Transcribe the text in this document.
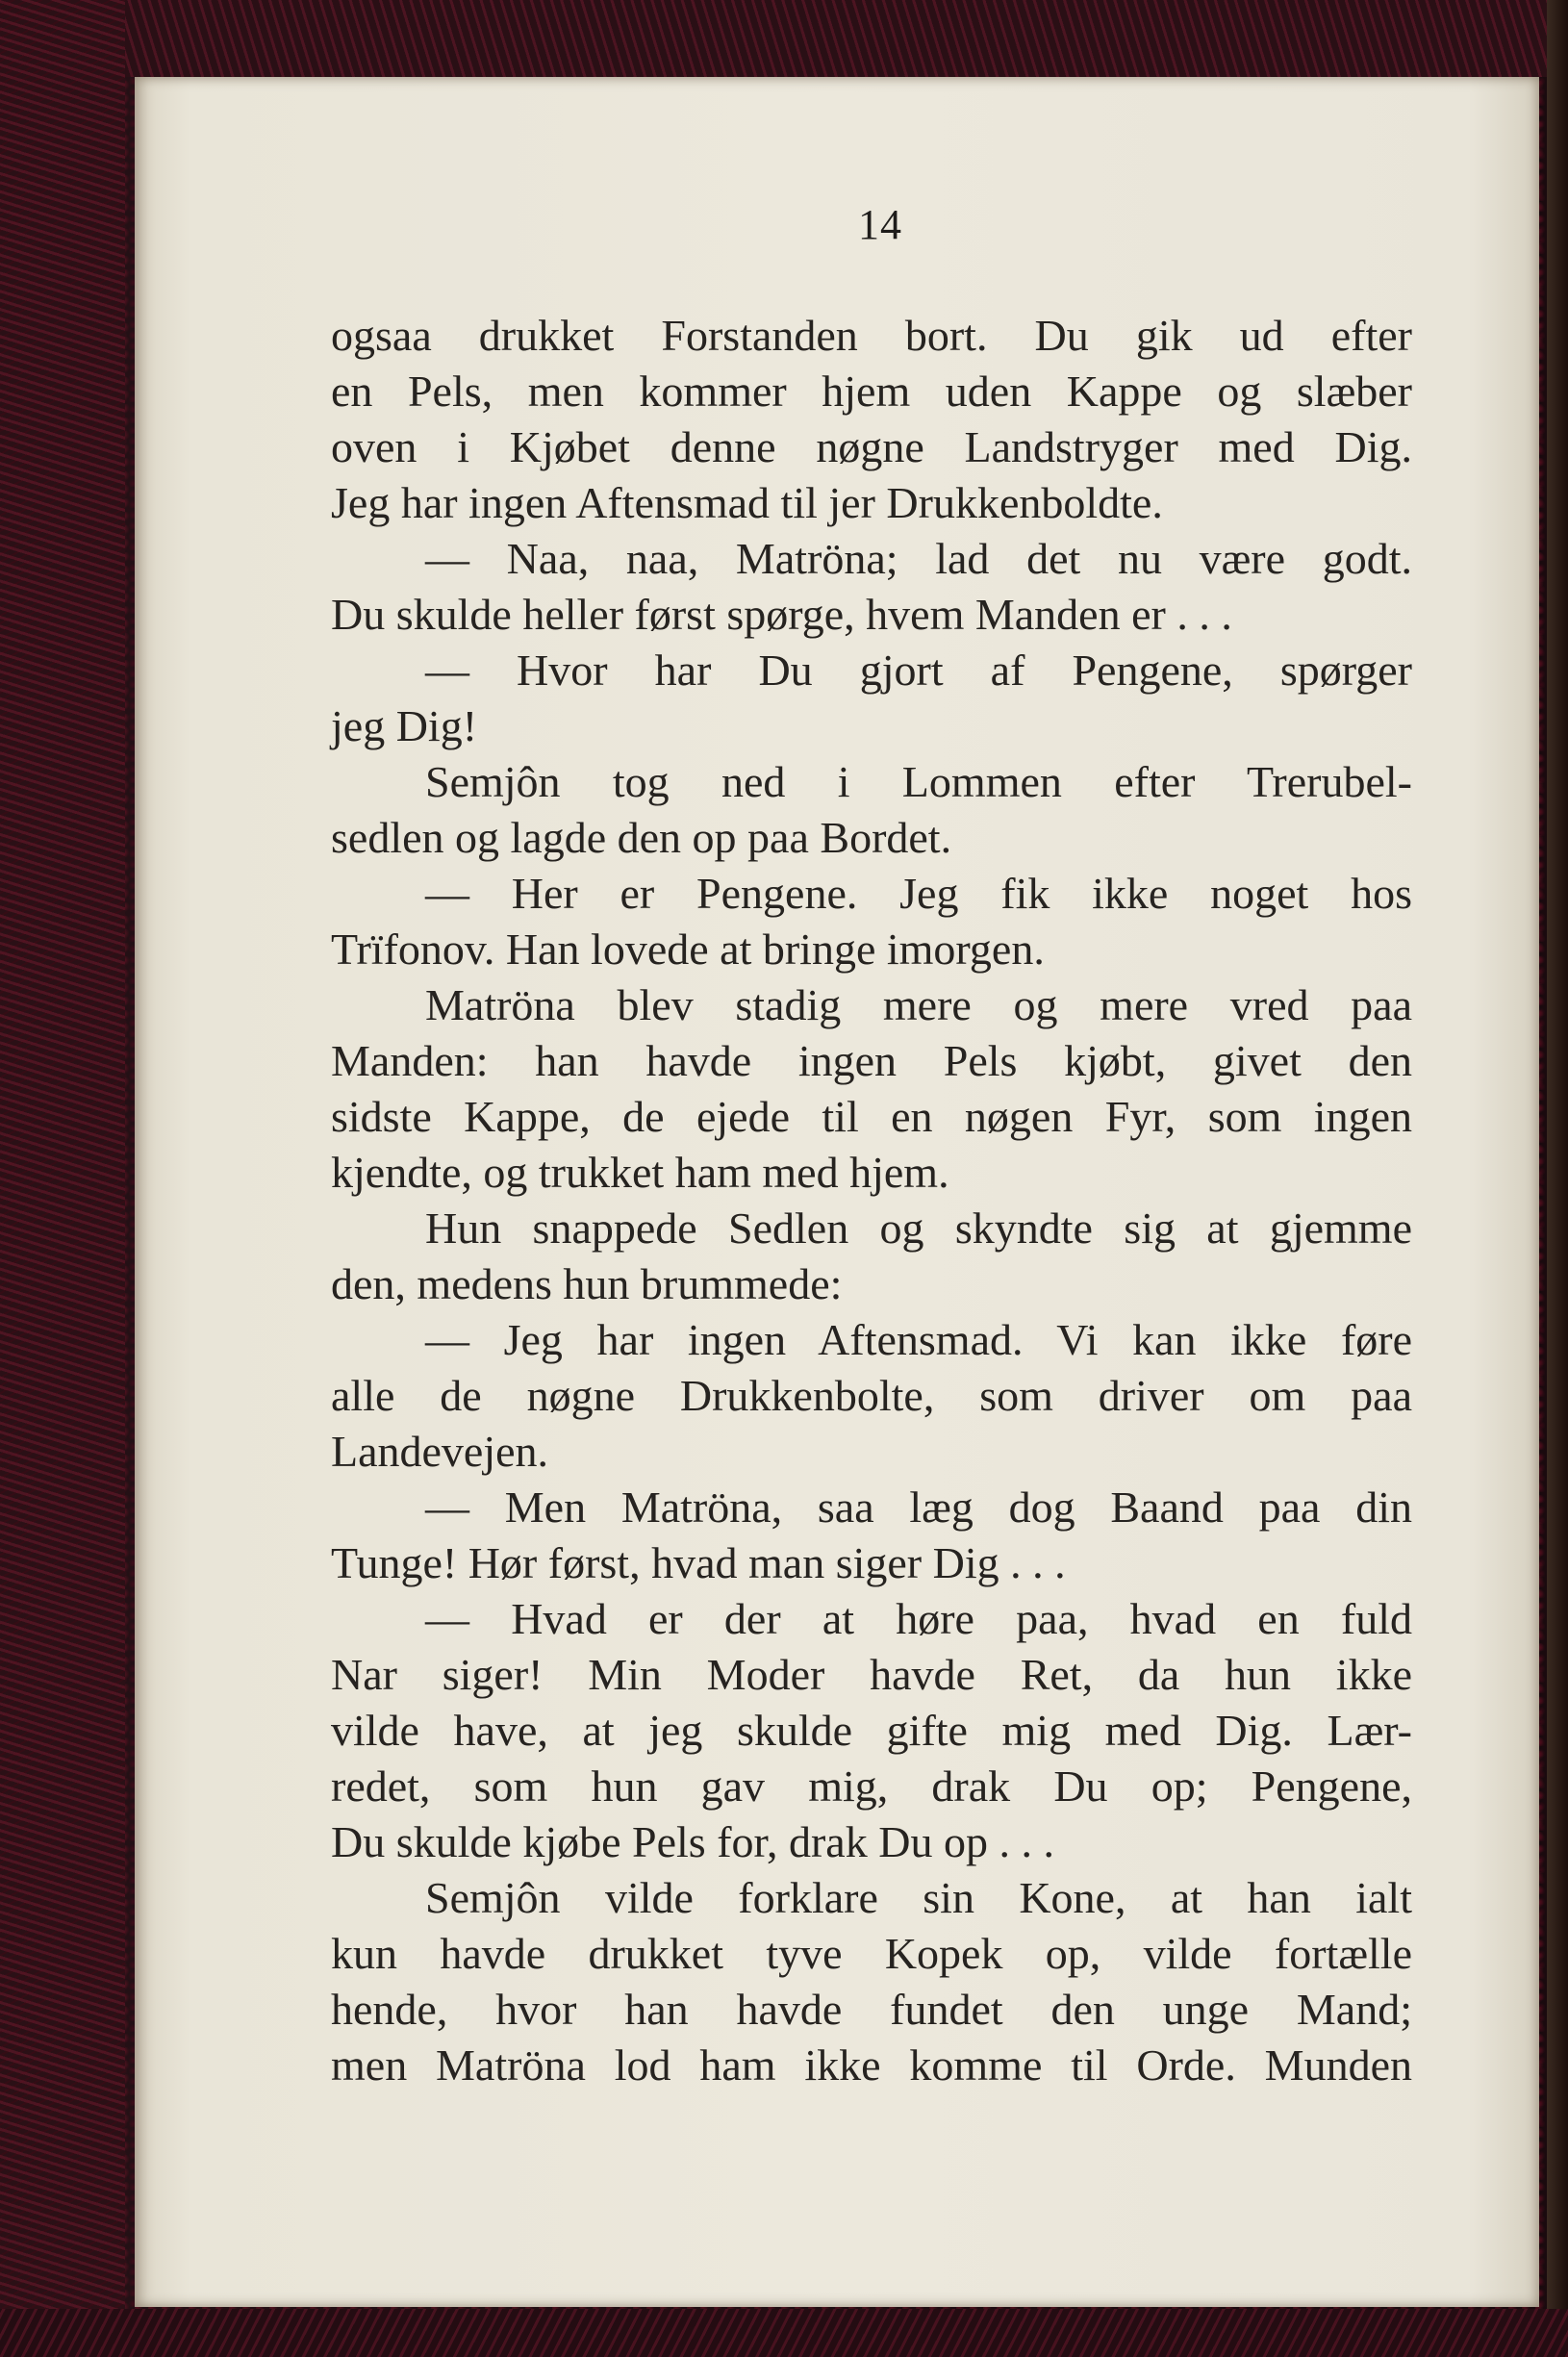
14
ogsaa drukket Forstanden bort. Du gik ud efter
en Pels, men kommer hjem uden Kappe og slæber
oven i Kjøbet denne nøgne Landstryger med Dig.
Jeg har ingen Aftensmad til jer Drukkenboldte.
— Naa, naa, Matröna; lad det nu være godt.
Du skulde heller først spørge, hvem Manden er . . .
— Hvor har Du gjort af Pengene, spørger
jeg Dig!
Semjôn tog ned i Lommen efter Trerubel-
sedlen og lagde den op paa Bordet.
— Her er Pengene. Jeg fik ikke noget hos
Trïfonov. Han lovede at bringe imorgen.
Matröna blev stadig mere og mere vred paa
Manden: han havde ingen Pels kjøbt, givet den
sidste Kappe, de ejede til en nøgen Fyr, som ingen
kjendte, og trukket ham med hjem.
Hun snappede Sedlen og skyndte sig at gjemme
den, medens hun brummede:
— Jeg har ingen Aftensmad. Vi kan ikke føre
alle de nøgne Drukkenbolte, som driver om paa
Landevejen.
— Men Matröna, saa læg dog Baand paa din
Tunge! Hør først, hvad man siger Dig . . .
— Hvad er der at høre paa, hvad en fuld
Nar siger! Min Moder havde Ret, da hun ikke
vilde have, at jeg skulde gifte mig med Dig. Lær-
redet, som hun gav mig, drak Du op; Pengene,
Du skulde kjøbe Pels for, drak Du op . . .
Semjôn vilde forklare sin Kone, at han ialt
kun havde drukket tyve Kopek op, vilde fortælle
hende, hvor han havde fundet den unge Mand;
men Matröna lod ham ikke komme til Orde. Munden
